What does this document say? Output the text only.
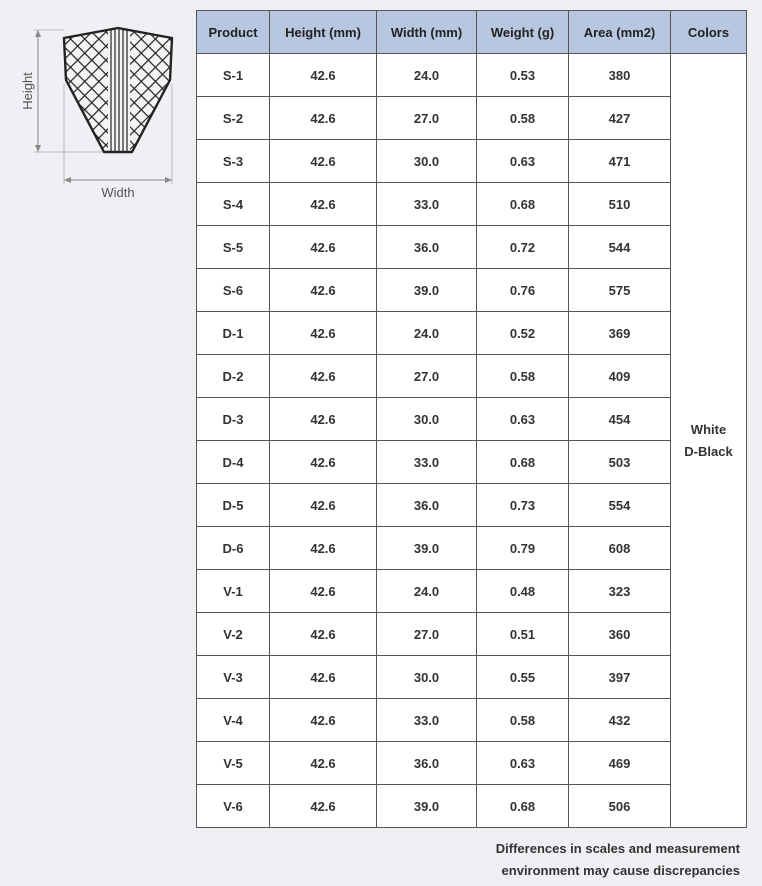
Height
Width
Product	Height (mm)	Width (mm)	Weight (g)	Area (mm2)	Colors
S-1	42.6	24.0	0.53	380	White
D-Black

S-2	42.6	27.0	0.58	427	
S-3	42.6	30.0	0.63	471	
S-4	42.6	33.0	0.68	510	
S-5	42.6	36.0	0.72	544	
S-6	42.6	39.0	0.76	575	
D-1	42.6	24.0	0.52	369	
D-2	42.6	27.0	0.58	409	
D-3	42.6	30.0	0.63	454	
D-4	42.6	33.0	0.68	503	
D-5	42.6	36.0	0.73	554	
D-6	42.6	39.0	0.79	608	
V-1	42.6	24.0	0.48	323	
V-2	42.6	27.0	0.51	360	
V-3	42.6	30.0	0.55	397	
V-4	42.6	33.0	0.58	432	
V-5	42.6	36.0	0.63	469	
V-6	42.6	39.0	0.68	506	
Differences in scales and measurement
environment may cause discrepancies
